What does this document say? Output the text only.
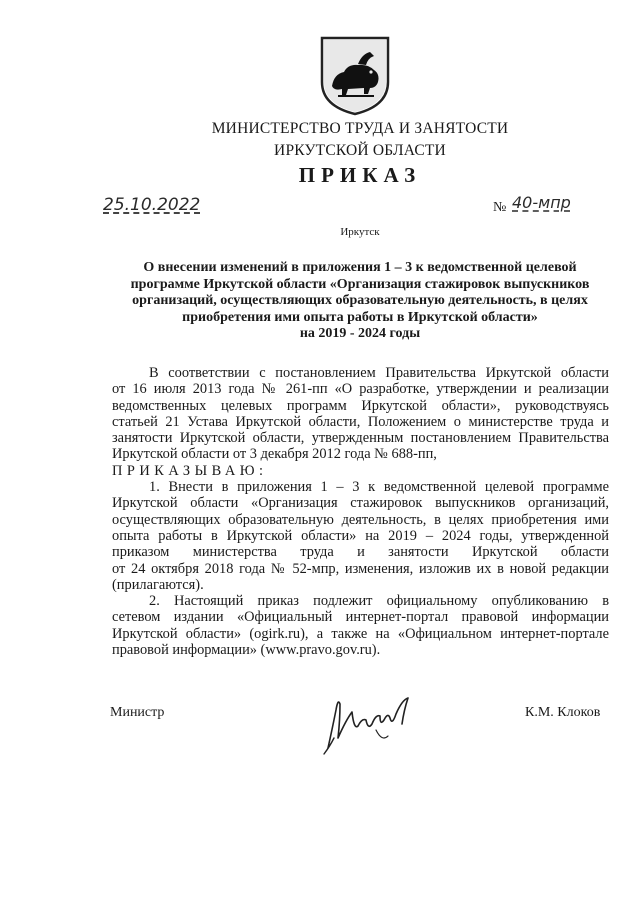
МИНИСТЕРСТВО ТРУДА И ЗАНЯТОСТИ
ИРКУТСКОЙ ОБЛАСТИ
ПРИКАЗ
25.10.2022	№ 40-мпр
Иркутск
О внесении изменений в приложения 1 – 3 к ведомственной целевой
программе Иркутской области «Организация стажировок выпускников
организаций, осуществляющих образовательную деятельность, в целях
приобретения ими опыта работы в Иркутской области»
на 2019 - 2024 годы

В соответствии с постановлением Правительства Иркутской области

от 16 июля 2013 года № 261-пп «О разработке, утверждении и реализации

ведомственных целевых программ Иркутской области», руководствуясь

статьей 21 Устава Иркутской области, Положением о министерстве труда и

занятости Иркутской области, утвержденным постановлением Правительства

Иркутской области от 3 декабря 2012 года № 688-пп,

ПРИКАЗЫВАЮ:

1. Внести в приложения 1 – 3 к ведомственной целевой программе

Иркутской области «Организация стажировок выпускников организаций,

осуществляющих образовательную деятельность, в целях приобретения ими

опыта работы в Иркутской области» на 2019 – 2024 годы, утвержденной

приказом министерства труда и занятости Иркутской области

от 24 октября 2018 года № 52-мпр, изменения, изложив их в новой редакции

(прилагаются).

2. Настоящий приказ подлежит официальному опубликованию в

сетевом издании «Официальный интернет-портал правовой информации

Иркутской области» (ogirk.ru), а также на «Официальном интернет-портале

правовой информации» (www.pravo.gov.ru).

Министр	К.М. Клоков
